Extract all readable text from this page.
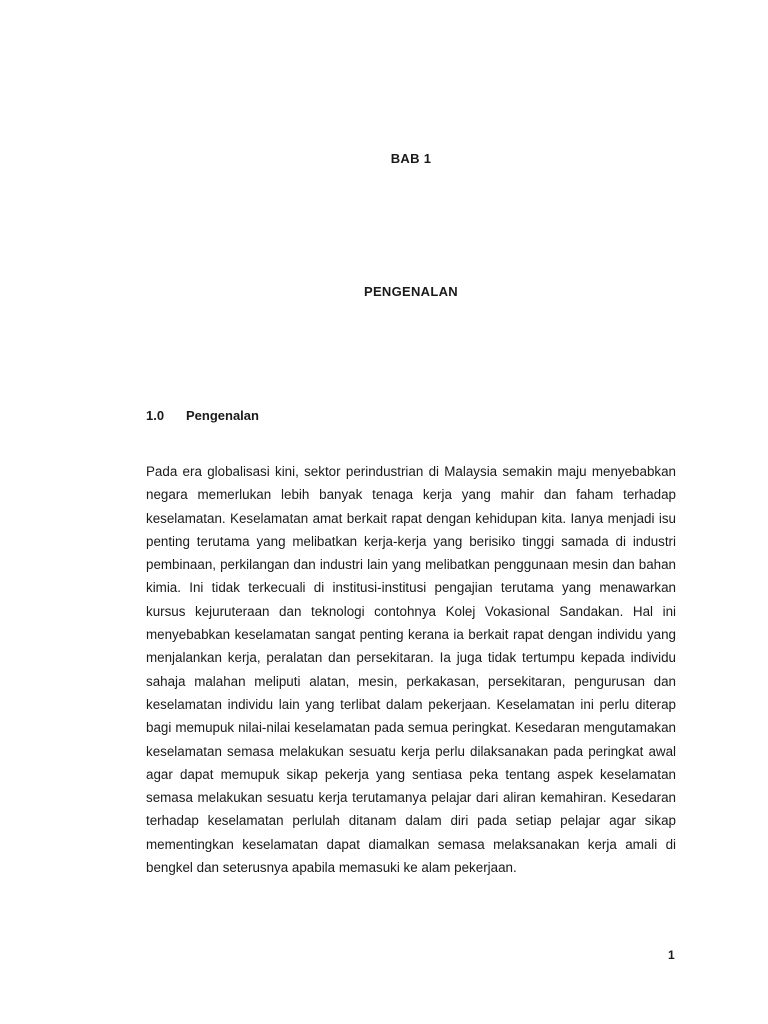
BAB 1
PENGENALAN
1.0	Pengenalan

Pada era globalisasi kini, sektor perindustrian di Malaysia semakin maju menyebabkan negara memerlukan lebih banyak tenaga kerja yang mahir dan faham terhadap keselamatan. Keselamatan amat berkait rapat dengan kehidupan kita. Ianya menjadi isu penting terutama yang melibatkan kerja-kerja yang berisiko tinggi samada di industri pembinaan, perkilangan dan industri lain yang melibatkan penggunaan mesin dan bahan kimia. Ini tidak terkecuali di institusi-institusi pengajian terutama yang menawarkan kursus kejuruteraan dan teknologi contohnya Kolej Vokasional Sandakan. Hal ini menyebabkan keselamatan sangat penting kerana ia berkait rapat dengan individu yang menjalankan kerja, peralatan dan persekitaran. Ia juga tidak tertumpu kepada individu sahaja malahan meliputi alatan, mesin, perkakasan, persekitaran, pengurusan dan keselamatan individu lain yang terlibat dalam pekerjaan. Keselamatan ini perlu diterap bagi memupuk nilai-nilai keselamatan pada semua peringkat. Kesedaran mengutamakan keselamatan semasa melakukan sesuatu kerja perlu dilaksanakan pada peringkat awal agar dapat memupuk sikap pekerja yang sentiasa peka tentang aspek keselamatan semasa melakukan sesuatu kerja terutamanya pelajar dari aliran kemahiran. Kesedaran terhadap keselamatan perlulah ditanam dalam diri pada setiap pelajar agar sikap mementingkan keselamatan dapat diamalkan semasa melaksanakan kerja amali di bengkel dan seterusnya apabila memasuki ke alam pekerjaan.

1
